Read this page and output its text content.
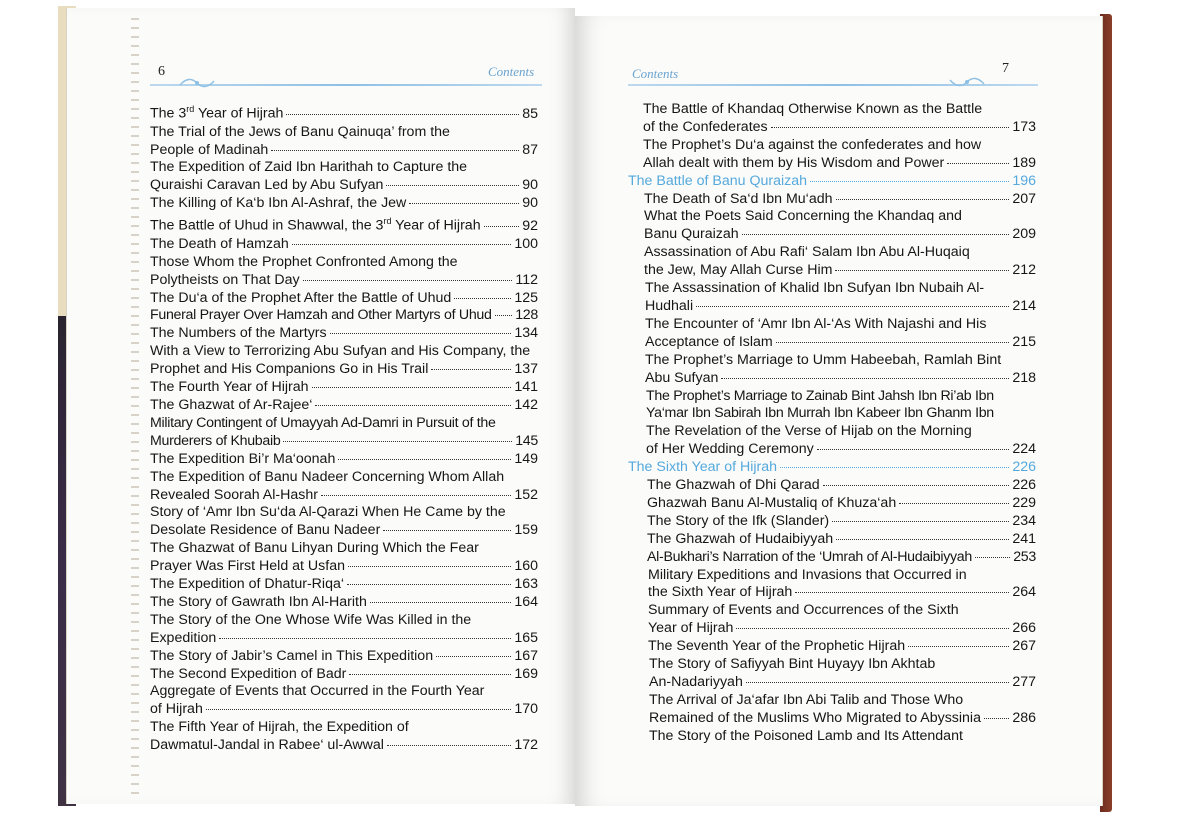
6	Contents	Contents	7
The 3rd Year of Hijrah	85
The Trial of the Jews of Banu Qainuqa’ from the
People of Madinah	87
The Expedition of Zaid Ibn Harithah to Capture the
Quraishi Caravan Led by Abu Sufyan	90
The Killing of Ka‘b Ibn Al-Ashraf, the Jew	90
The Battle of Uhud in Shawwal, the 3rd Year of Hijrah	92
The Death of Hamzah	100
Those Whom the Prophet Confronted Among the
Polytheists on That Day	112
The Du‘a of the Prophet After the Battle of Uhud	125
Funeral Prayer Over Hamzah and Other Martyrs of Uhud 128
The Numbers of the Martyrs	134
With a View to Terrorizing Abu Sufyan and His Company, the
Prophet and His Companions Go in His Trail	137
The Fourth Year of Hijrah	141
The Ghazwat of Ar-Rajee‘	142
Military Contingent of Umayyah Ad-Damri in Pursuit of the
Murderers of Khubaib	145
The Expedition Bi’r Ma‘oonah	149
The Expedition of Banu Nadeer Concerning Whom Allah
Revealed Soorah Al-Hashr	152
Story of ‘Amr Ibn Su‘da Al-Qarazi When He Came by the
Desolate Residence of Banu Nadeer	159
The Ghazwat of Banu Lihyan During Which the Fear
Prayer Was First Held at Usfan	160
The Expedition of Dhatur-Riqa‘	163
The Story of Gawrath Ibn Al-Harith	164
The Story of the One Whose Wife Was Killed in the
Expedition	165
The Story of Jabir’s Camel in This Expedition	167
The Second Expedition of Badr	169
Aggregate of Events that Occurred in the Fourth Year
of Hijrah	170
The Fifth Year of Hijrah, the Expedition of
Dawmatul-Jandal in Rabee‘ ul-Awwal	172
The Battle of Khandaq Otherwise Known as the Battle
of the Confederates	173
The Prophet’s Du‘a against the confederates and how
Allah dealt with them by His Wisdom and Power	189
The Battle of Banu Quraizah	196
The Death of Sa‘d Ibn Mu‘adh	207
What the Poets Said Concerning the Khandaq and
Banu Quraizah	209
Assassination of Abu Rafi‘ Salam Ibn Abu Al-Huqaiq
the Jew, May Allah Curse Him	212
The Assassination of Khalid Ibn Sufyan Ibn Nubaih Al-
Hudhali	214
The Encounter of ‘Amr Ibn Al-‘As With Najashi and His
Acceptance of Islam	215
The Prophet’s Marriage to Umm Habeebah, Ramlah Bint
Abu Sufyan	218
The Prophet’s Marriage to Zainab Bint Jahsh Ibn Ri’ab Ibn
Ya‘mar Ibn Sabirah Ibn Murrah Ibn Kabeer Ibn Ghanm Ibn
The Revelation of the Verse of Hijab on the Morning
of Her Wedding Ceremony	224
The Sixth Year of Hijrah	226
The Ghazwah of Dhi Qarad	226
Ghazwah Banu Al-Mustaliq of Khuza‘ah	229
The Story of the Ifk (Slander)	234
The Ghazwah of Hudaibiyyah	241
Al-Bukhari’s Narration of the ‘Umrah of Al-Hudaibiyyah	253
Military Expeditions and Invasions that Occurred in
the Sixth Year of Hijrah	264
Summary of Events and Occurrences of the Sixth
Year of Hijrah	266
The Seventh Year of the Prophetic Hijrah	267
The Story of Safiyyah Bint Huyayy Ibn Akhtab
An-Nadariyyah	277
The Arrival of Ja‘afar Ibn Abi Talib and Those Who
Remained of the Muslims Who Migrated to Abyssinia 286
The Story of the Poisoned Lamb and Its Attendant
